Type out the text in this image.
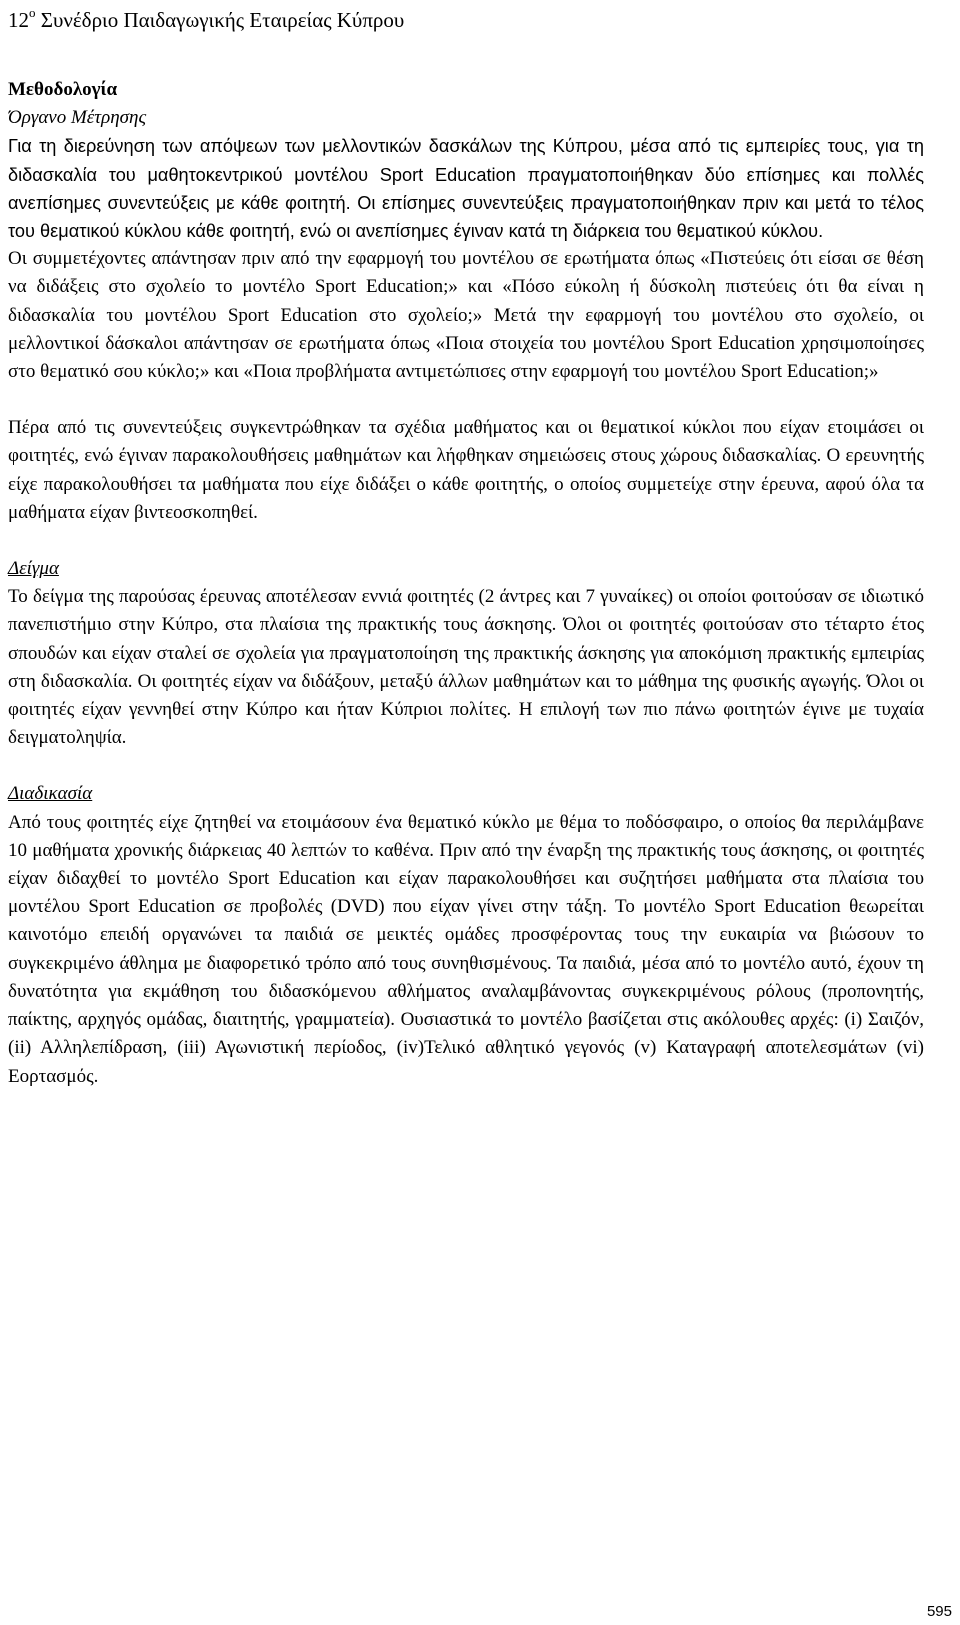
$12^o$ Συνέδριο Παιδαγωγικής Εταιρείας Κύπρου
Μεθοδολογία
Όργανο Μέτρησης
Για τη διερεύνηση των απόψεων των μελλοντικών δασκάλων της Κύπρου, μέσα από τις εμπειρίες τους, για τη διδασκαλία του μαθητοκεντρικού μοντέλου Sport Education πραγματοποιήθηκαν δύο επίσημες και πολλές ανεπίσημες συνεντεύξεις με κάθε φοιτητή. Οι επίσημες συνεντεύξεις πραγματοποιήθηκαν πριν και μετά το τέλος του θεματικού κύκλου κάθε φοιτητή, ενώ οι ανεπίσημες έγιναν κατά τη διάρκεια του θεματικού κύκλου.
Οι συμμετέχοντες απάντησαν πριν από την εφαρμογή του μοντέλου σε ερωτήματα όπως «Πιστεύεις ότι είσαι σε θέση να διδάξεις στο σχολείο το μοντέλο Sport Education;» και «Πόσο εύκολη ή δύσκολη πιστεύεις ότι θα είναι η διδασκαλία του μοντέλου Sport Education στο σχολείο;» Μετά την εφαρμογή του μοντέλου στο σχολείο, οι μελλοντικοί δάσκαλοι απάντησαν σε ερωτήματα όπως «Ποια στοιχεία του μοντέλου Sport Education χρησιμοποίησες στο θεματικό σου κύκλο;» και «Ποια προβλήματα αντιμετώπισες στην εφαρμογή του μοντέλου Sport Education;»
Πέρα από τις συνεντεύξεις συγκεντρώθηκαν τα σχέδια μαθήματος και οι θεματικοί κύκλοι που είχαν ετοιμάσει οι φοιτητές, ενώ έγιναν παρακολουθήσεις μαθημάτων και λήφθηκαν σημειώσεις στους χώρους διδασκαλίας. Ο ερευνητής είχε παρακολουθήσει τα μαθήματα που είχε διδάξει ο κάθε φοιτητής, ο οποίος συμμετείχε στην έρευνα, αφού όλα τα μαθήματα είχαν βιντεοσκοπηθεί.
Δείγμα
Το δείγμα της παρούσας έρευνας αποτέλεσαν εννιά φοιτητές (2 άντρες και 7 γυναίκες) οι οποίοι φοιτούσαν σε ιδιωτικό πανεπιστήμιο στην Κύπρο, στα πλαίσια της πρακτικής τους άσκησης. Όλοι οι φοιτητές φοιτούσαν στο τέταρτο έτος σπουδών και είχαν σταλεί σε σχολεία για πραγματοποίηση της πρακτικής άσκησης για αποκόμιση πρακτικής εμπειρίας στη διδασκαλία. Οι φοιτητές είχαν να διδάξουν, μεταξύ άλλων μαθημάτων και το μάθημα της φυσικής αγωγής. Όλοι οι φοιτητές είχαν γεννηθεί στην Κύπρο και ήταν Κύπριοι πολίτες. Η επιλογή των πιο πάνω φοιτητών έγινε με τυχαία δειγματοληψία.
Διαδικασία
Από τους φοιτητές είχε ζητηθεί να ετοιμάσουν ένα θεματικό κύκλο με θέμα το ποδόσφαιρο, ο οποίος θα περιλάμβανε 10 μαθήματα χρονικής διάρκειας 40 λεπτών το καθένα. Πριν από την έναρξη της πρακτικής τους άσκησης, οι φοιτητές είχαν διδαχθεί το μοντέλο Sport Education και είχαν παρακολουθήσει και συζητήσει μαθήματα στα πλαίσια του μοντέλου Sport Education σε προβολές (DVD) που είχαν γίνει στην τάξη. Το μοντέλο Sport Education θεωρείται καινοτόμο επειδή οργανώνει τα παιδιά σε μεικτές ομάδες προσφέροντας τους την ευκαιρία να βιώσουν το συγκεκριμένο άθλημα με διαφορετικό τρόπο από τους συνηθισμένους. Τα παιδιά, μέσα από το μοντέλο αυτό, έχουν τη δυνατότητα για εκμάθηση του διδασκόμενου αθλήματος αναλαμβάνοντας συγκεκριμένους ρόλους (προπονητής, παίκτης, αρχηγός ομάδας, διαιτητής, γραμματεία). Ουσιαστικά το μοντέλο βασίζεται στις ακόλουθες αρχές: (i) Σαιζόν, (ii) Αλληλεπίδραση, (iii) Αγωνιστική περίοδος, (iv)Τελικό αθλητικό γεγονός (v) Καταγραφή αποτελεσμάτων (vi) Εορτασμός.
595
